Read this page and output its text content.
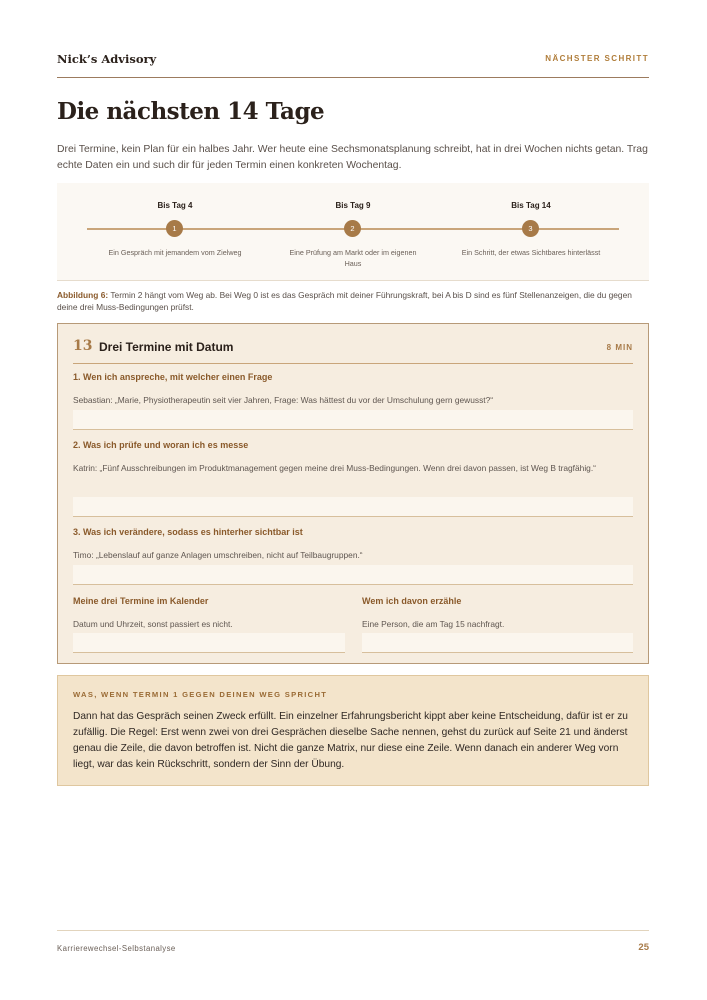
Nick’s Advisory	NÄCHSTER SCHRITT
Die nächsten 14 Tage

Drei Termine, kein Plan für ein halbes Jahr. Wer heute eine Sechsmonatsplanung schreibt, hat in drei Wochen nichts getan. Trag echte Daten ein und such dir für jeden Termin einen konkreten Wochentag.

Bis Tag 4
1
Ein Gespräch mit jemandem vom Zielweg
Bis Tag 9
2
Eine Prüfung am Markt oder im eigenen Haus
Bis Tag 14
3
Ein Schritt, der etwas Sichtbares hinterlässt

Abbildung 6: Termin 2 hängt vom Weg ab. Bei Weg 0 ist es das Gespräch mit deiner Führungskraft, bei A bis D sind es fünf Stellenanzeigen, die du gegen deine drei Muss-Bedingungen prüfst.

13 Drei Termine mit Datum	8 MIN
1. Wen ich anspreche, mit welcher einen Frage
Sebastian: „Marie, Physiotherapeutin seit vier Jahren, Frage: Was hättest du vor der Umschulung gern gewusst?“
2. Was ich prüfe und woran ich es messe
Katrin: „Fünf Ausschreibungen im Produktmanagement gegen meine drei Muss-Bedingungen. Wenn drei davon passen, ist Weg B tragfähig.“
3. Was ich verändere, sodass es hinterher sichtbar ist
Timo: „Lebenslauf auf ganze Anlagen umschreiben, nicht auf Teilbaugruppen.“
Meine drei Termine im Kalender
Datum und Uhrzeit, sonst passiert es nicht.
Wem ich davon erzähle
Eine Person, die am Tag 15 nachfragt.
WAS, WENN TERMIN 1 GEGEN DEINEN WEG SPRICHT

Dann hat das Gespräch seinen Zweck erfüllt. Ein einzelner Erfahrungsbericht kippt aber keine Entscheidung, dafür ist er zu zufällig. Die Regel: Erst wenn zwei von drei Gesprächen dieselbe Sache nennen, gehst du zurück auf Seite 21 und änderst genau die Zeile, die davon betroffen ist. Nicht die ganze Matrix, nur diese eine Zeile. Wenn danach ein anderer Weg vorn liegt, war das kein Rückschritt, sondern der Sinn der Übung.

Karrierewechsel-Selbstanalyse	25
